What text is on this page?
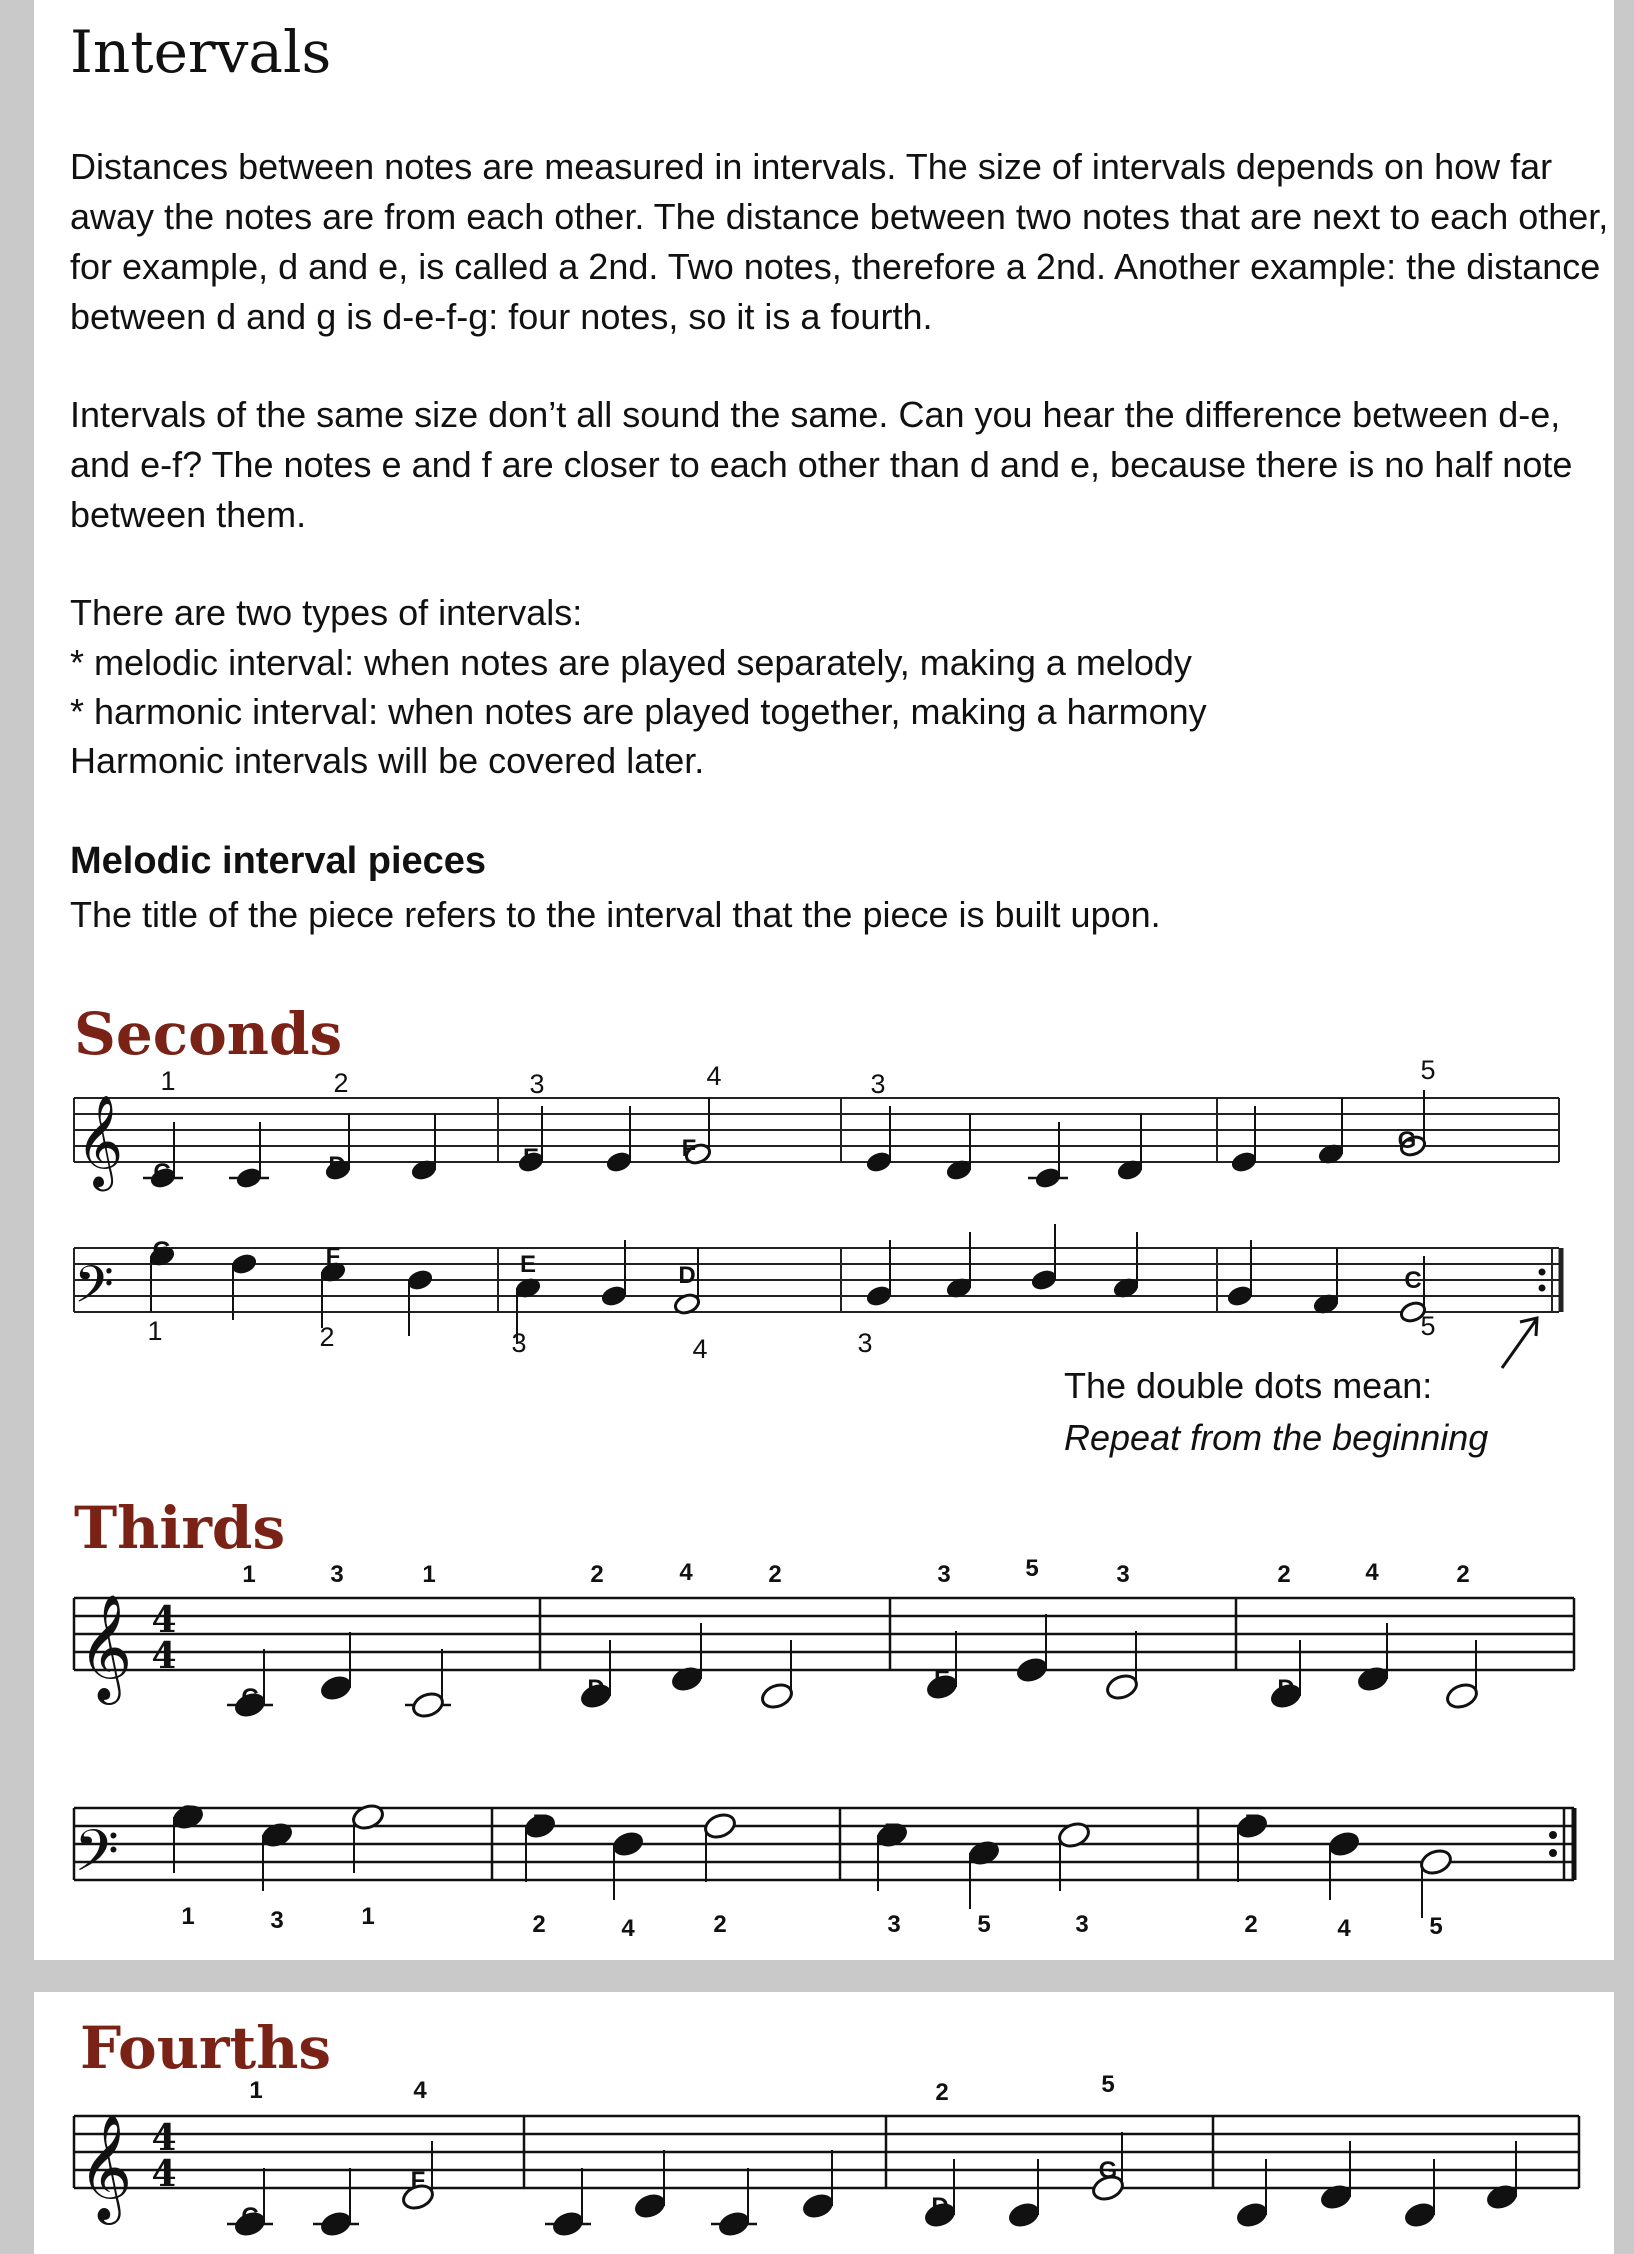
Intervals

Distances between notes are measured in intervals. The size of intervals depends on how far away the notes are from each other. The distance between two notes that are next to each other, for example, d and e, is called a 2nd. Two notes, therefore a 2nd. Another example: the distance between d and g is d-e-f-g: four notes, so it is a fourth.

Intervals of the same size don’t all sound the same. Can you hear the difference between d-e, and e-f? The notes e and f are closer to each other than d and e, because there is no half note between them.

There are two types of intervals:

* melodic interval: when notes are played separately, making a melody

* harmonic interval: when notes are played together, making a harmony

Harmonic intervals will be covered later.

Melodic interval pieces

The title of the piece refers to the interval that the piece is built upon.

Seconds
𝄞
𝄢
C	D	E	F	G
G	F	E	D	C
1	2	3	4	3	5
1	2	3	4	3
5
The double dots mean:
Repeat from the beginning
Thirds
𝄞 4
4
𝄢
C	D	E	D
G	F	E	F
1	3	1	2	4	2	3	5	3	2	4	2
1	3	1	2	4	2	3	5	3	2	4	5
Fourths
𝄞 4
4
C
F
D
G
1	4	2	5
